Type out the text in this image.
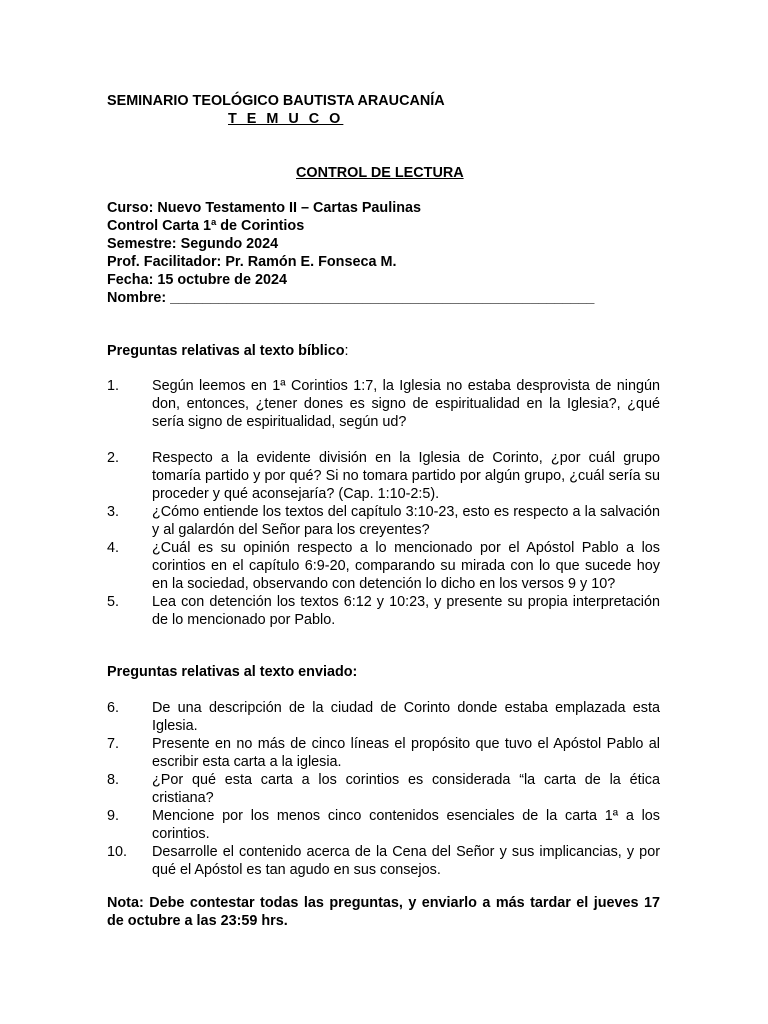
SEMINARIO TEOLÓGICO BAUTISTA ARAUCANÍA
T E M U C O
CONTROL DE LECTURA
Curso: Nuevo Testamento II – Cartas Paulinas
Control Carta 1ª de Corintios
Semestre: Segundo 2024
Prof. Facilitador: Pr. Ramón E. Fonseca M.
Fecha: 15 octubre de 2024
Nombre: _____________________________________________________
Preguntas relativas al texto bíblico:
1.	Según leemos en 1ª Corintios 1:7, la Iglesia no estaba desprovista de ningún don, entonces, ¿tener dones es signo de espiritualidad en la Iglesia?, ¿qué sería signo de espiritualidad, según ud?
2.	Respecto a la evidente división en la Iglesia de Corinto, ¿por cuál grupo tomaría partido y por qué? Si no tomara partido por algún grupo, ¿cuál sería su proceder y qué aconsejaría? (Cap. 1:10-2:5).
3.	¿Cómo entiende los textos del capítulo 3:10-23, esto es respecto a la salvación y al galardón del Señor para los creyentes?
4.	¿Cuál es su opinión respecto a lo mencionado por el Apóstol Pablo a los corintios en el capítulo 6:9-20, comparando su mirada con lo que sucede hoy en la sociedad, observando con detención lo dicho en los versos 9 y 10?
5.	Lea con detención los textos 6:12 y 10:23, y presente su propia interpretación de lo mencionado por Pablo.
Preguntas relativas al texto enviado:
6.	De una descripción de la ciudad de Corinto donde estaba emplazada esta Iglesia.
7.	Presente en no más de cinco líneas el propósito que tuvo el Apóstol Pablo al escribir esta carta a la iglesia.
8.	¿Por qué esta carta a los corintios es considerada “la carta de la ética cristiana?
9.	Mencione por los menos cinco contenidos esenciales de la carta 1ª a los corintios.
10.	Desarrolle el contenido acerca de la Cena del Señor y sus implicancias, y por qué el Apóstol es tan agudo en sus consejos.
Nota: Debe contestar todas las preguntas, y enviarlo a más tardar el jueves 17 de octubre a las 23:59 hrs.
